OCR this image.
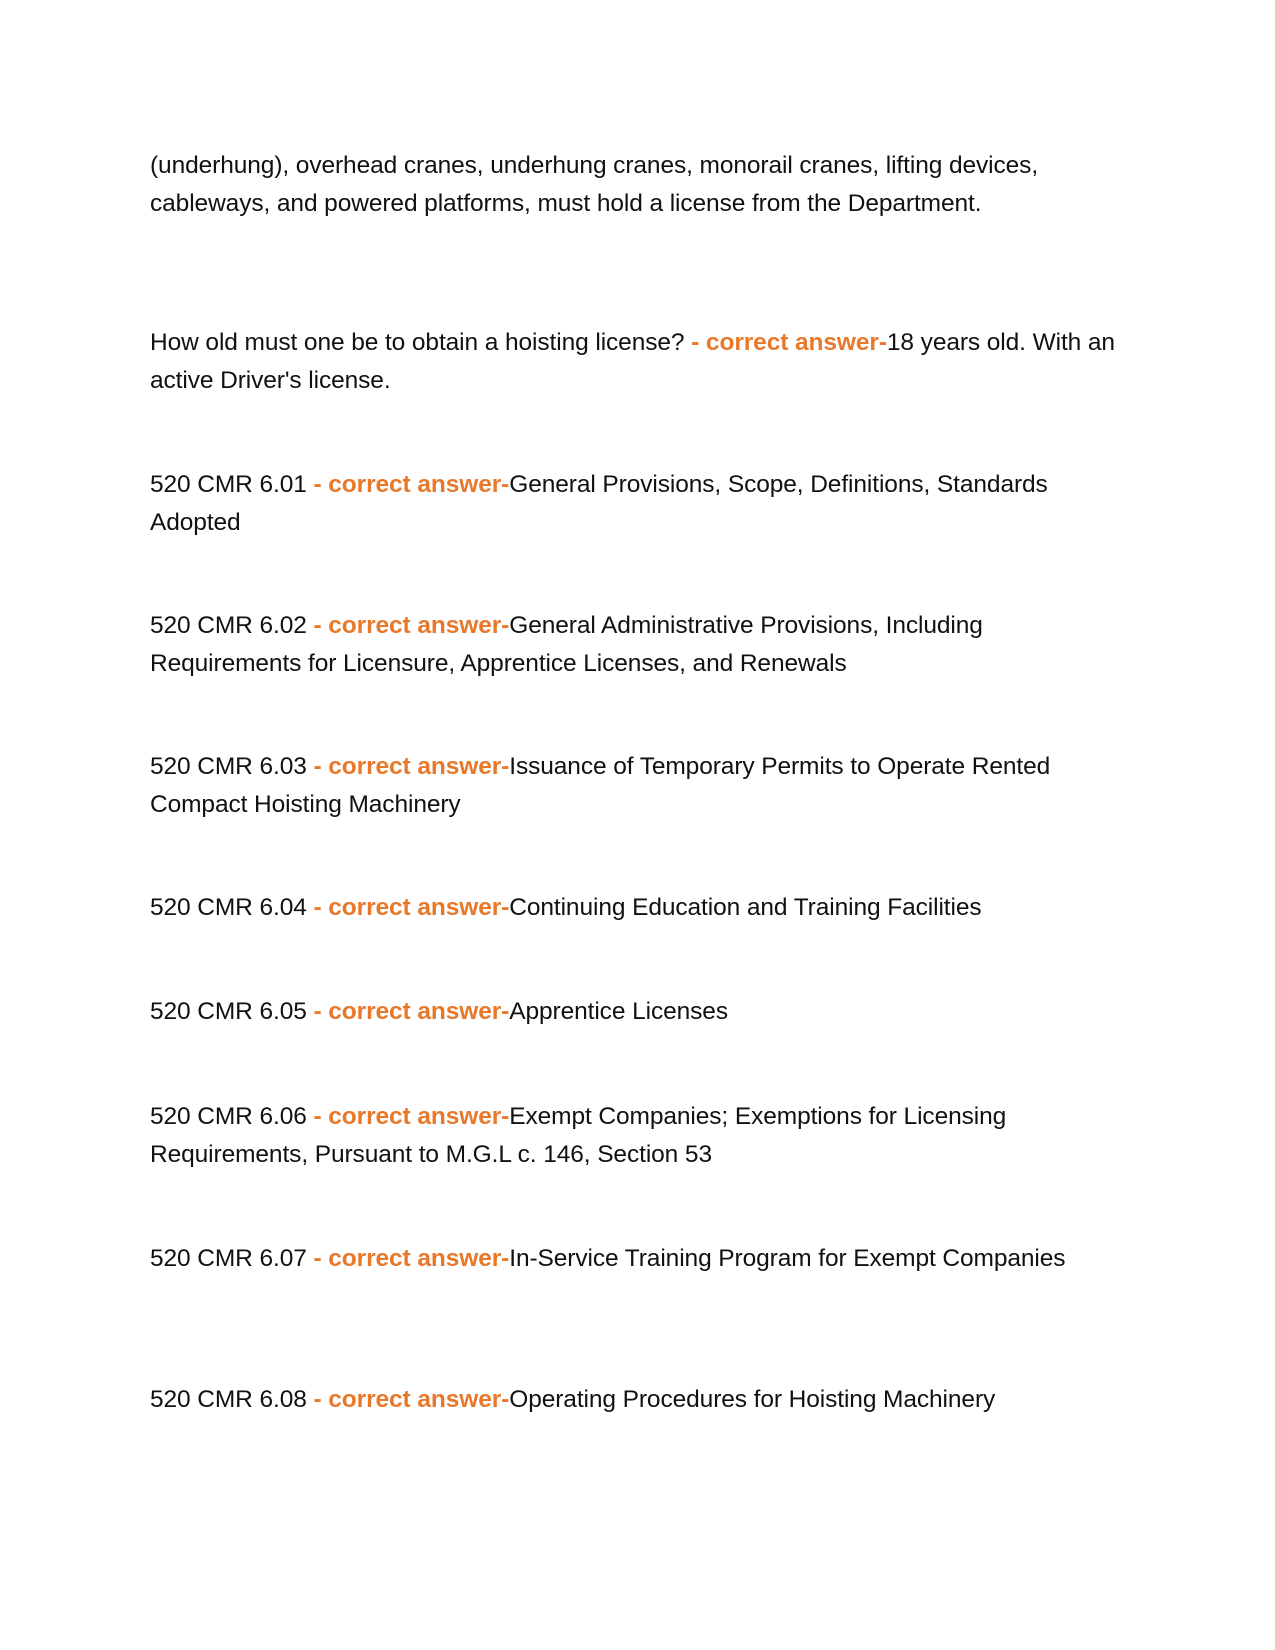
(underhung), overhead cranes, underhung cranes, monorail cranes, lifting devices, cableways, and powered platforms, must hold a license from the Department.

How old must one be to obtain a hoisting license? - correct answer-18 years old. With an active Driver's license.

520 CMR 6.01 - correct answer-General Provisions, Scope, Definitions, Standards Adopted

520 CMR 6.02 - correct answer-General Administrative Provisions, Including Requirements for Licensure, Apprentice Licenses, and Renewals

520 CMR 6.03 - correct answer-Issuance of Temporary Permits to Operate Rented Compact Hoisting Machinery

520 CMR 6.04 - correct answer-Continuing Education and Training Facilities

520 CMR 6.05 - correct answer-Apprentice Licenses

520 CMR 6.06 - correct answer-Exempt Companies; Exemptions for Licensing Requirements, Pursuant to M.G.L c. 146, Section 53

520 CMR 6.07 - correct answer-In-Service Training Program for Exempt Companies

520 CMR 6.08 - correct answer-Operating Procedures for Hoisting Machinery
